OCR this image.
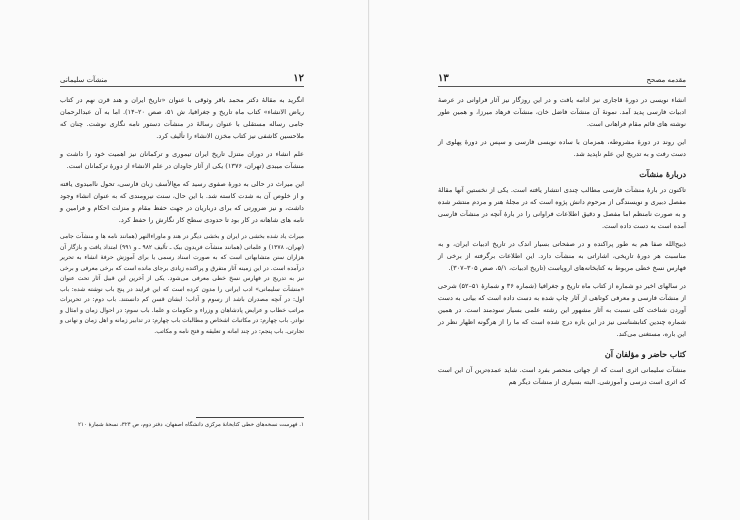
۱۲
منشآت سلیمانی

انگرید به مقالهٔ دکتر محمد باقر وثوقی با عنوان «تاریخ ایران و هند قرن نهم در کتاب ریاض الانشاء» کتاب ماه تاریخ و جغرافیا، ش ۵۱، صص ۲۰–۱۴). اما به آن عبدالرحمان جامی رساله مستقلی با عنوان رسالهٔ در منشآت دستور نامه نگاری نوشت. چنان که ملاحسین کاشفی نیز کتاب مخزن الانشاء را تألیف کرد.

علم انشاء در دوران متنزل تاریخ ایران تیموری و ترکمانان نیز اهمیت خود را داشت و منشآت میبدی (تهران، ۱۳۷۶) یکی از آثار جاودان در علم الانشاء از دورهٔ ترکمانان است.

این میراث در حالی به دورهٔ صفوی رسید که مع‌الأسف زبان فارسی، تحول ناامیدوی یافته و از خلوص آن به شدت کاسته شد. با این حال، سنت نیرومندی که به عنوان انشاء وجود داشت، و نیز ضرورتی که برای درباریان در جهت حفظ مقام و منزلت احکام و فرامین و نامه های شاهانه در کار بود تا حدودی سطح کار نگارش را حفظ کرد.

میراث یاد شده بخشی در ایران و بخشی دیگر در هند و ماوراءالنهر (همانند نامه ها و منشآت جامی (تهران، ۱۳۷۸) و علماتی (همانند منشآت فریدون بیک ـ تألیف ۹۸۲ ـ و ۹۹۱) امتداد یافت و بازگار آن هزاران سنن متشابهاتی است که به صورت اسناد رسمی یا برای آموزش حرفهٔ انشاء به تحریر درآمده است. در این زمینه آثار متفرق و پراکنده زیادی برجای مانده است که برخی معرفی و برخی نیز به تدریج در فهارس نسخ خطی معرفی می‌شود. یکی از آخرین این قبیل آثار تحت عنوان «منشآت سلیمانی» ادب ایرانی را مدون کرده است که این فرایند در پنج باب نوشته شده: باب اول: در آنچه مصدران باشد از رسوم و آداب؛ ایشان قسن کم دانستند. باب دوم: در تحریرات مراتب خطاب و عرایض پادشاهان و وزراء و حکومات و علما. باب سوم: در احوال زمان و امثال و نوادر. باب چهارم: در مکاتبات اشخاص و مطالبات باب چهارم: در تدابیر زمانه و اهل زمان و نهانی و تجارتی. باب پنجم: در چند امانه و تعلیقه و فتح نامه و مکاتب.

۱. فهرست نسخه‌های خطی کتابخانهٔ مرکزی دانشگاه اصفهان، دفتر دوم، ص ۳۲۴، نسخهٔ شمارهٔ ۲۱۰
مقدمه مصحح
۱۳

انشاء نویسی در دورهٔ قاجاری نیز ادامه یافت و در این روزگار نیز آثار فراوانی در عرصهٔ ادبیات فارسی پدید آمد. نمونهٔ آن منشآت فاضل خان، منشآت فرهاد میرزا، و همین طور نوشته های قائم مقام فراهانی است.

این روند در دورهٔ مشروطه، همزمان با ساده نویسی فارسی و سپس در دورهٔ پهلوی از دست رفت و به تدریج این علم ناپدید شد.

دربارهٔ منشآت

تاکنون در بارهٔ منشآت فارسی مطالب چندی انتشار یافته است. یکی از نخستین آنها مقالهٔ مفصل دبیری و نویسندگی از مرحوم دانش پژوه است که در مجلهٔ هنر و مردم منتشر شده و به صورت نامنظم اما مفصل و دقیق اطلاعات فراوانی را در بارهٔ آنچه در منشآت فارسی آمده است به دست داده است.

ذبیح‌الله صفا هم به طور پراکنده و در صفحاتی بسیار اندک در تاریخ ادبیات ایران، و به مناسبت هر دورهٔ تاریخی، اشاراتی به منشآت دارد. این اطلاعات برگرفته از برخی از فهارس نسخ خطی مربوط به کتابخانه‌های اروپاست (تاریخ ادبیات، ۵/۱، صص ۳۰۵–۳۰۷).

در سالهای اخیر دو شماره از کتاب ماه تاریخ و جغرافیا (شماره ۳۶ و شمارهٔ ۵۱–۵۲) شرحی از منشآت فارسی و معرفی کوتاهی از آثار چاپ شده به دست داده است که بیانی به دست آوردن شناخت کلی نسبت به آثار مشهور این رشته علمی بسیار سودمند است. در همین شماره چندین کتابشناسی نیز در این بازه درج شده است که ما را از هرگونه اظهار نظر در این باره، مستغنی می‌کند.

کتاب حاضر و مؤلفان آن

منشآت سلیمانی اثری است که از جهاتی منحصر بفرد است. شاید عمده‌ترین آن این است که اثری است درسی و آموزشی. البته بسیاری از منشآت دیگر هم
